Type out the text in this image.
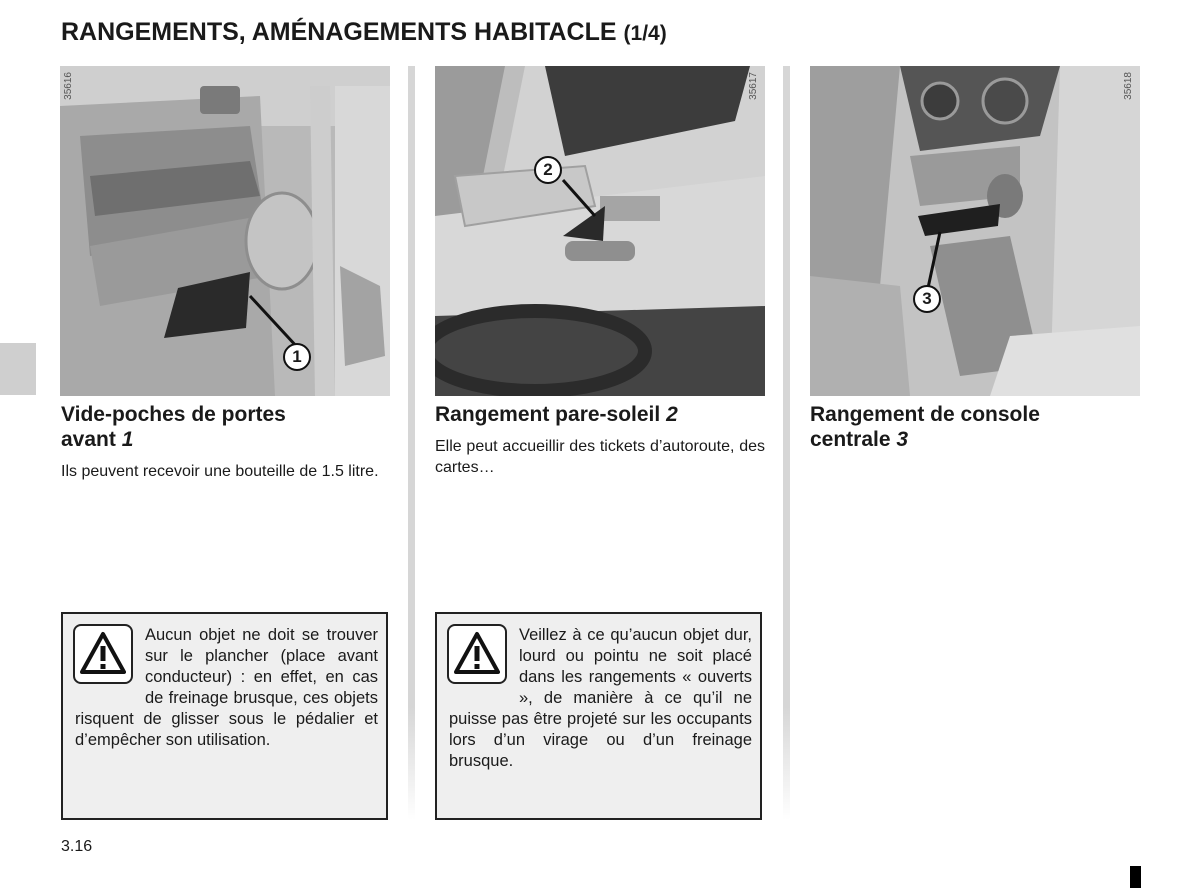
RANGEMENTS, AMÉNAGEMENTS HABITACLE (1/4)
35616
1
35617
2
35618
3
Vide-poches de portes avant 1
Rangement pare-soleil 2	Rangement de console centrale 3

Ils peuvent recevoir une bouteille de 1.5 litre.

Elle peut accueillir des tickets d’autoroute, des cartes…

Aucun objet ne doit se trouver sur le plancher (place avant conducteur) : en effet, en cas de freinage brusque, ces objets risquent de glisser sous le pédalier et d’empêcher son utilisation.
Veillez à ce qu’aucun objet dur, lourd ou pointu ne soit placé dans les rangements « ouverts », de manière à ce qu’il ne puisse pas être projeté sur les occupants lors d’un virage ou d’un freinage brusque.
3.16
